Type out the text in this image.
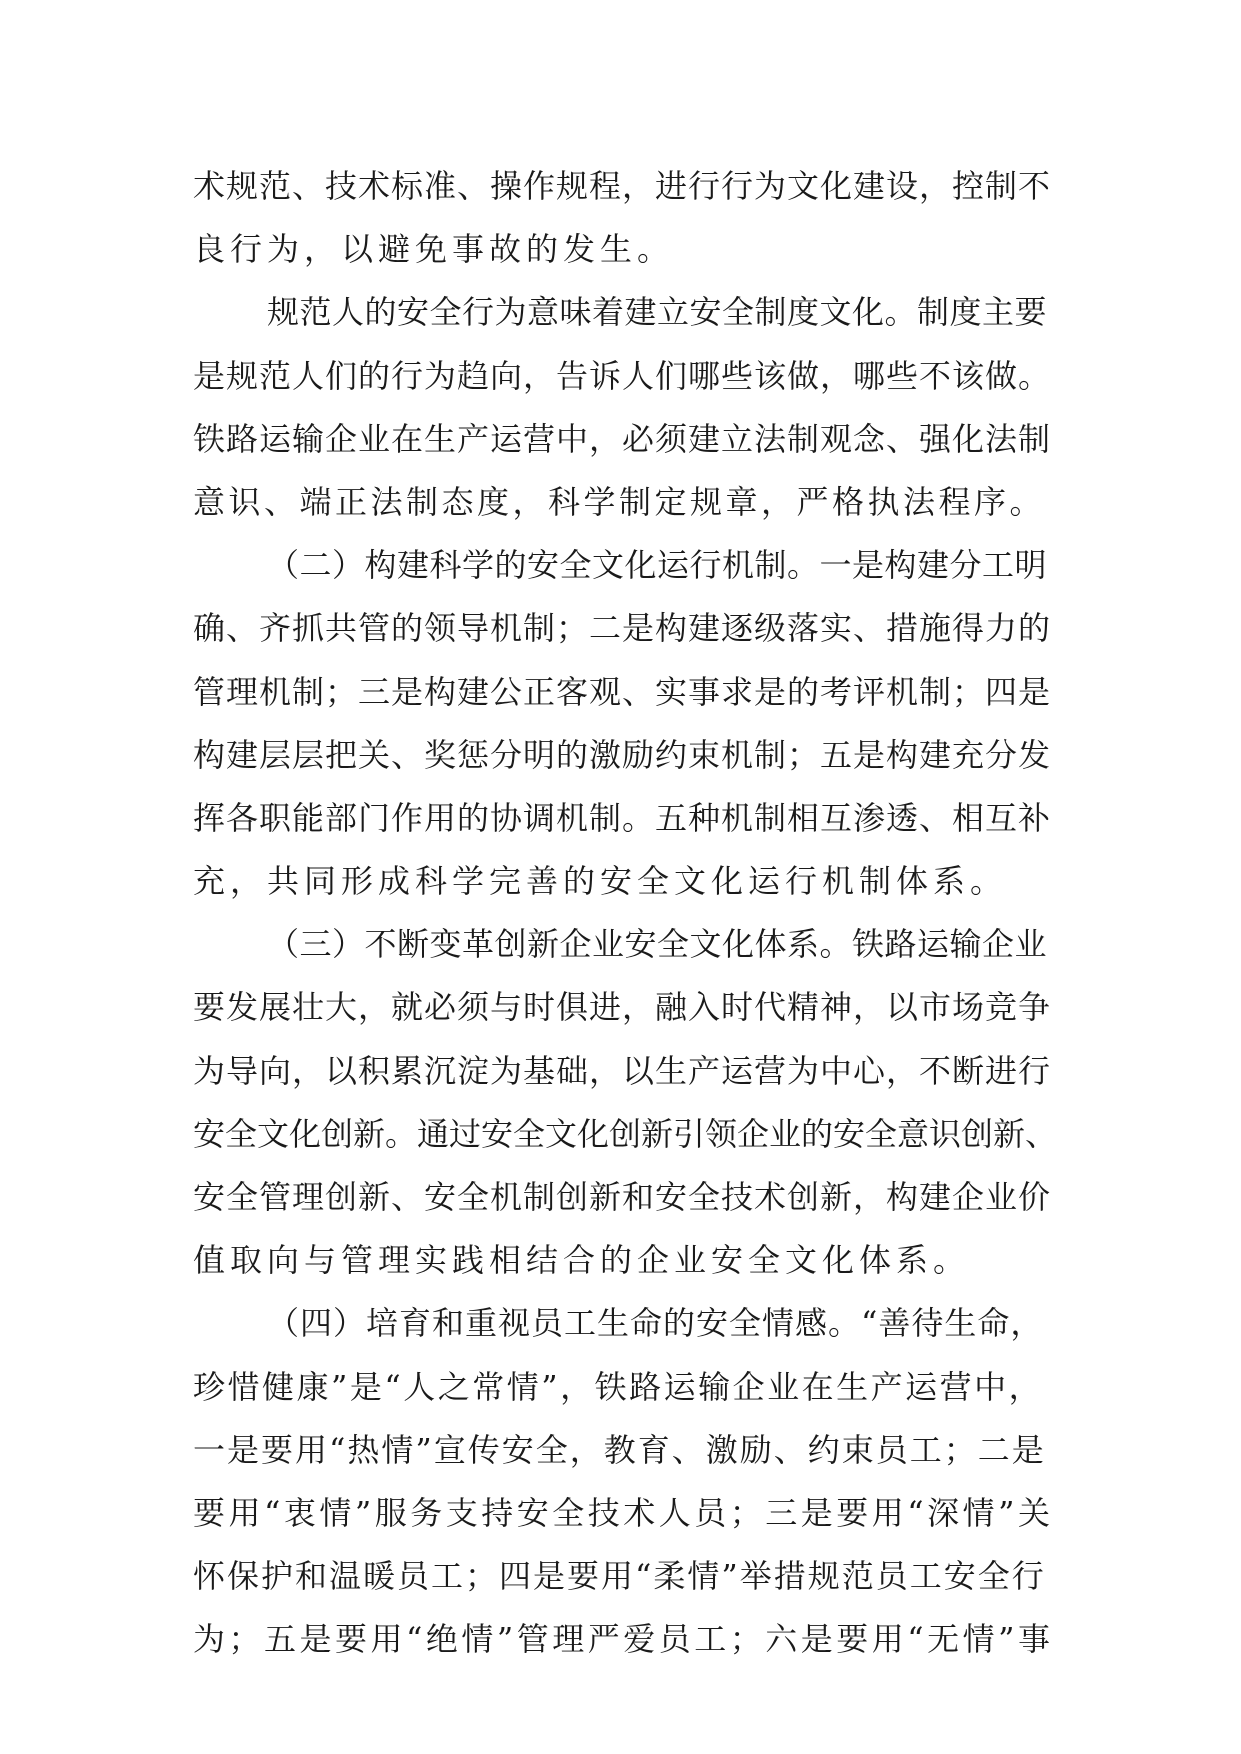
术规范、技术标准、操作规程，进行行为文化建设，控制不
良行为，以避免事故的发生。
规范人的安全行为意味着建立安全制度文化。制度主要
是规范人们的行为趋向，告诉人们哪些该做，哪些不该做。
铁路运输企业在生产运营中，必须建立法制观念、强化法制
意识、端正法制态度，科学制定规章，严格执法程序。
（二）构建科学的安全文化运行机制。一是构建分工明
确、齐抓共管的领导机制；二是构建逐级落实、措施得力的
管理机制；三是构建公正客观、实事求是的考评机制；四是
构建层层把关、奖惩分明的激励约束机制；五是构建充分发
挥各职能部门作用的协调机制。五种机制相互渗透、相互补
充，共同形成科学完善的安全文化运行机制体系。
（三）不断变革创新企业安全文化体系。铁路运输企业
要发展壮大，就必须与时俱进，融入时代精神，以市场竞争
为导向，以积累沉淀为基础，以生产运营为中心，不断进行
安全文化创新。通过安全文化创新引领企业的安全意识创新、
安全管理创新、安全机制创新和安全技术创新，构建企业价
值取向与管理实践相结合的企业安全文化体系。
（四）培育和重视员工生命的安全情感。“善待生命，
珍惜健康”是“人之常情”，铁路运输企业在生产运营中，
一是要用“热情”宣传安全，教育、激励、约束员工；二是
要用“衷情”服务支持安全技术人员；三是要用“深情”关
怀保护和温暖员工；四是要用“柔情”举措规范员工安全行
为；五是要用“绝情”管理严爱员工；六是要用“无情”事
